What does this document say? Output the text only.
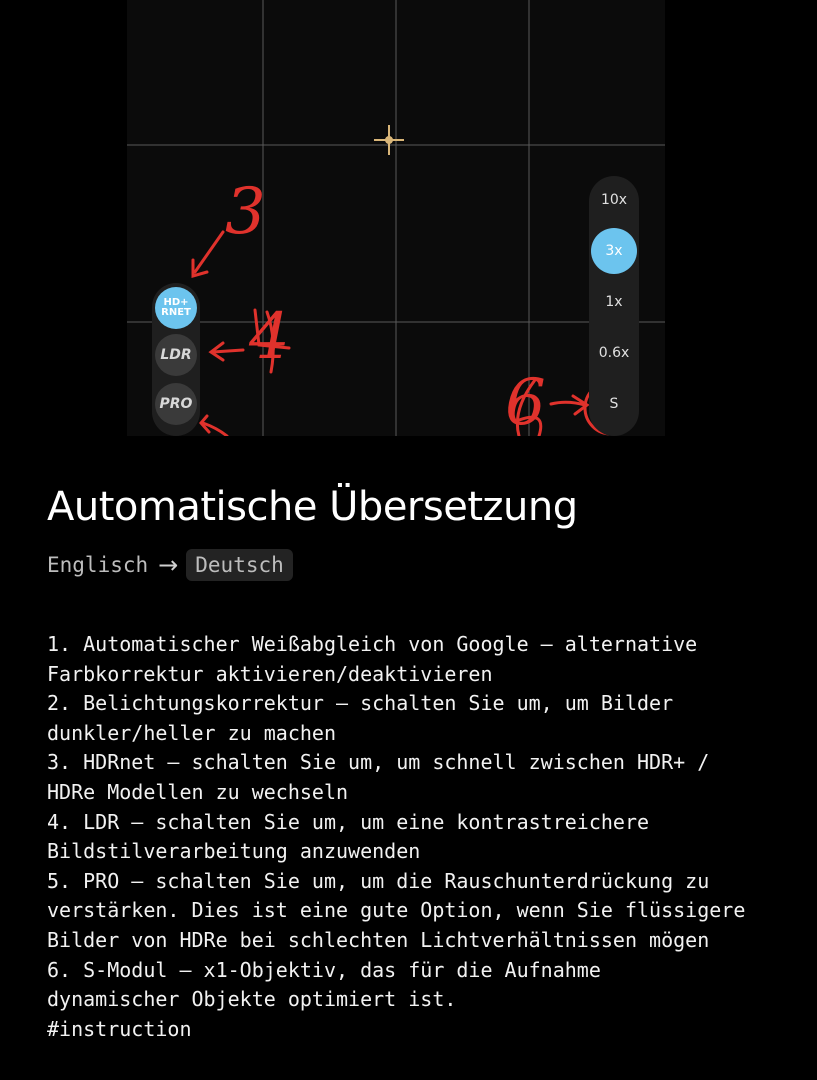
3
4
6
HD+
RNET
LDR
PRO
10x
3x
1x
0.6x
S
Automatische Übersetzung
Englisch → Deutsch
1. Automatischer Weißabgleich von Google – alternative
Farbkorrektur aktivieren/deaktivieren
2. Belichtungskorrektur – schalten Sie um, um Bilder
dunkler/heller zu machen
3. HDRnet – schalten Sie um, um schnell zwischen HDR+ /
HDRe Modellen zu wechseln
4. LDR – schalten Sie um, um eine kontrastreichere
Bildstilverarbeitung anzuwenden
5. PRO – schalten Sie um, um die Rauschunterdrückung zu
verstärken. Dies ist eine gute Option, wenn Sie flüssigere
Bilder von HDRe bei schlechten Lichtverhältnissen mögen
6. S-Modul – x1-Objektiv, das für die Aufnahme
dynamischer Objekte optimiert ist.
#instruction
